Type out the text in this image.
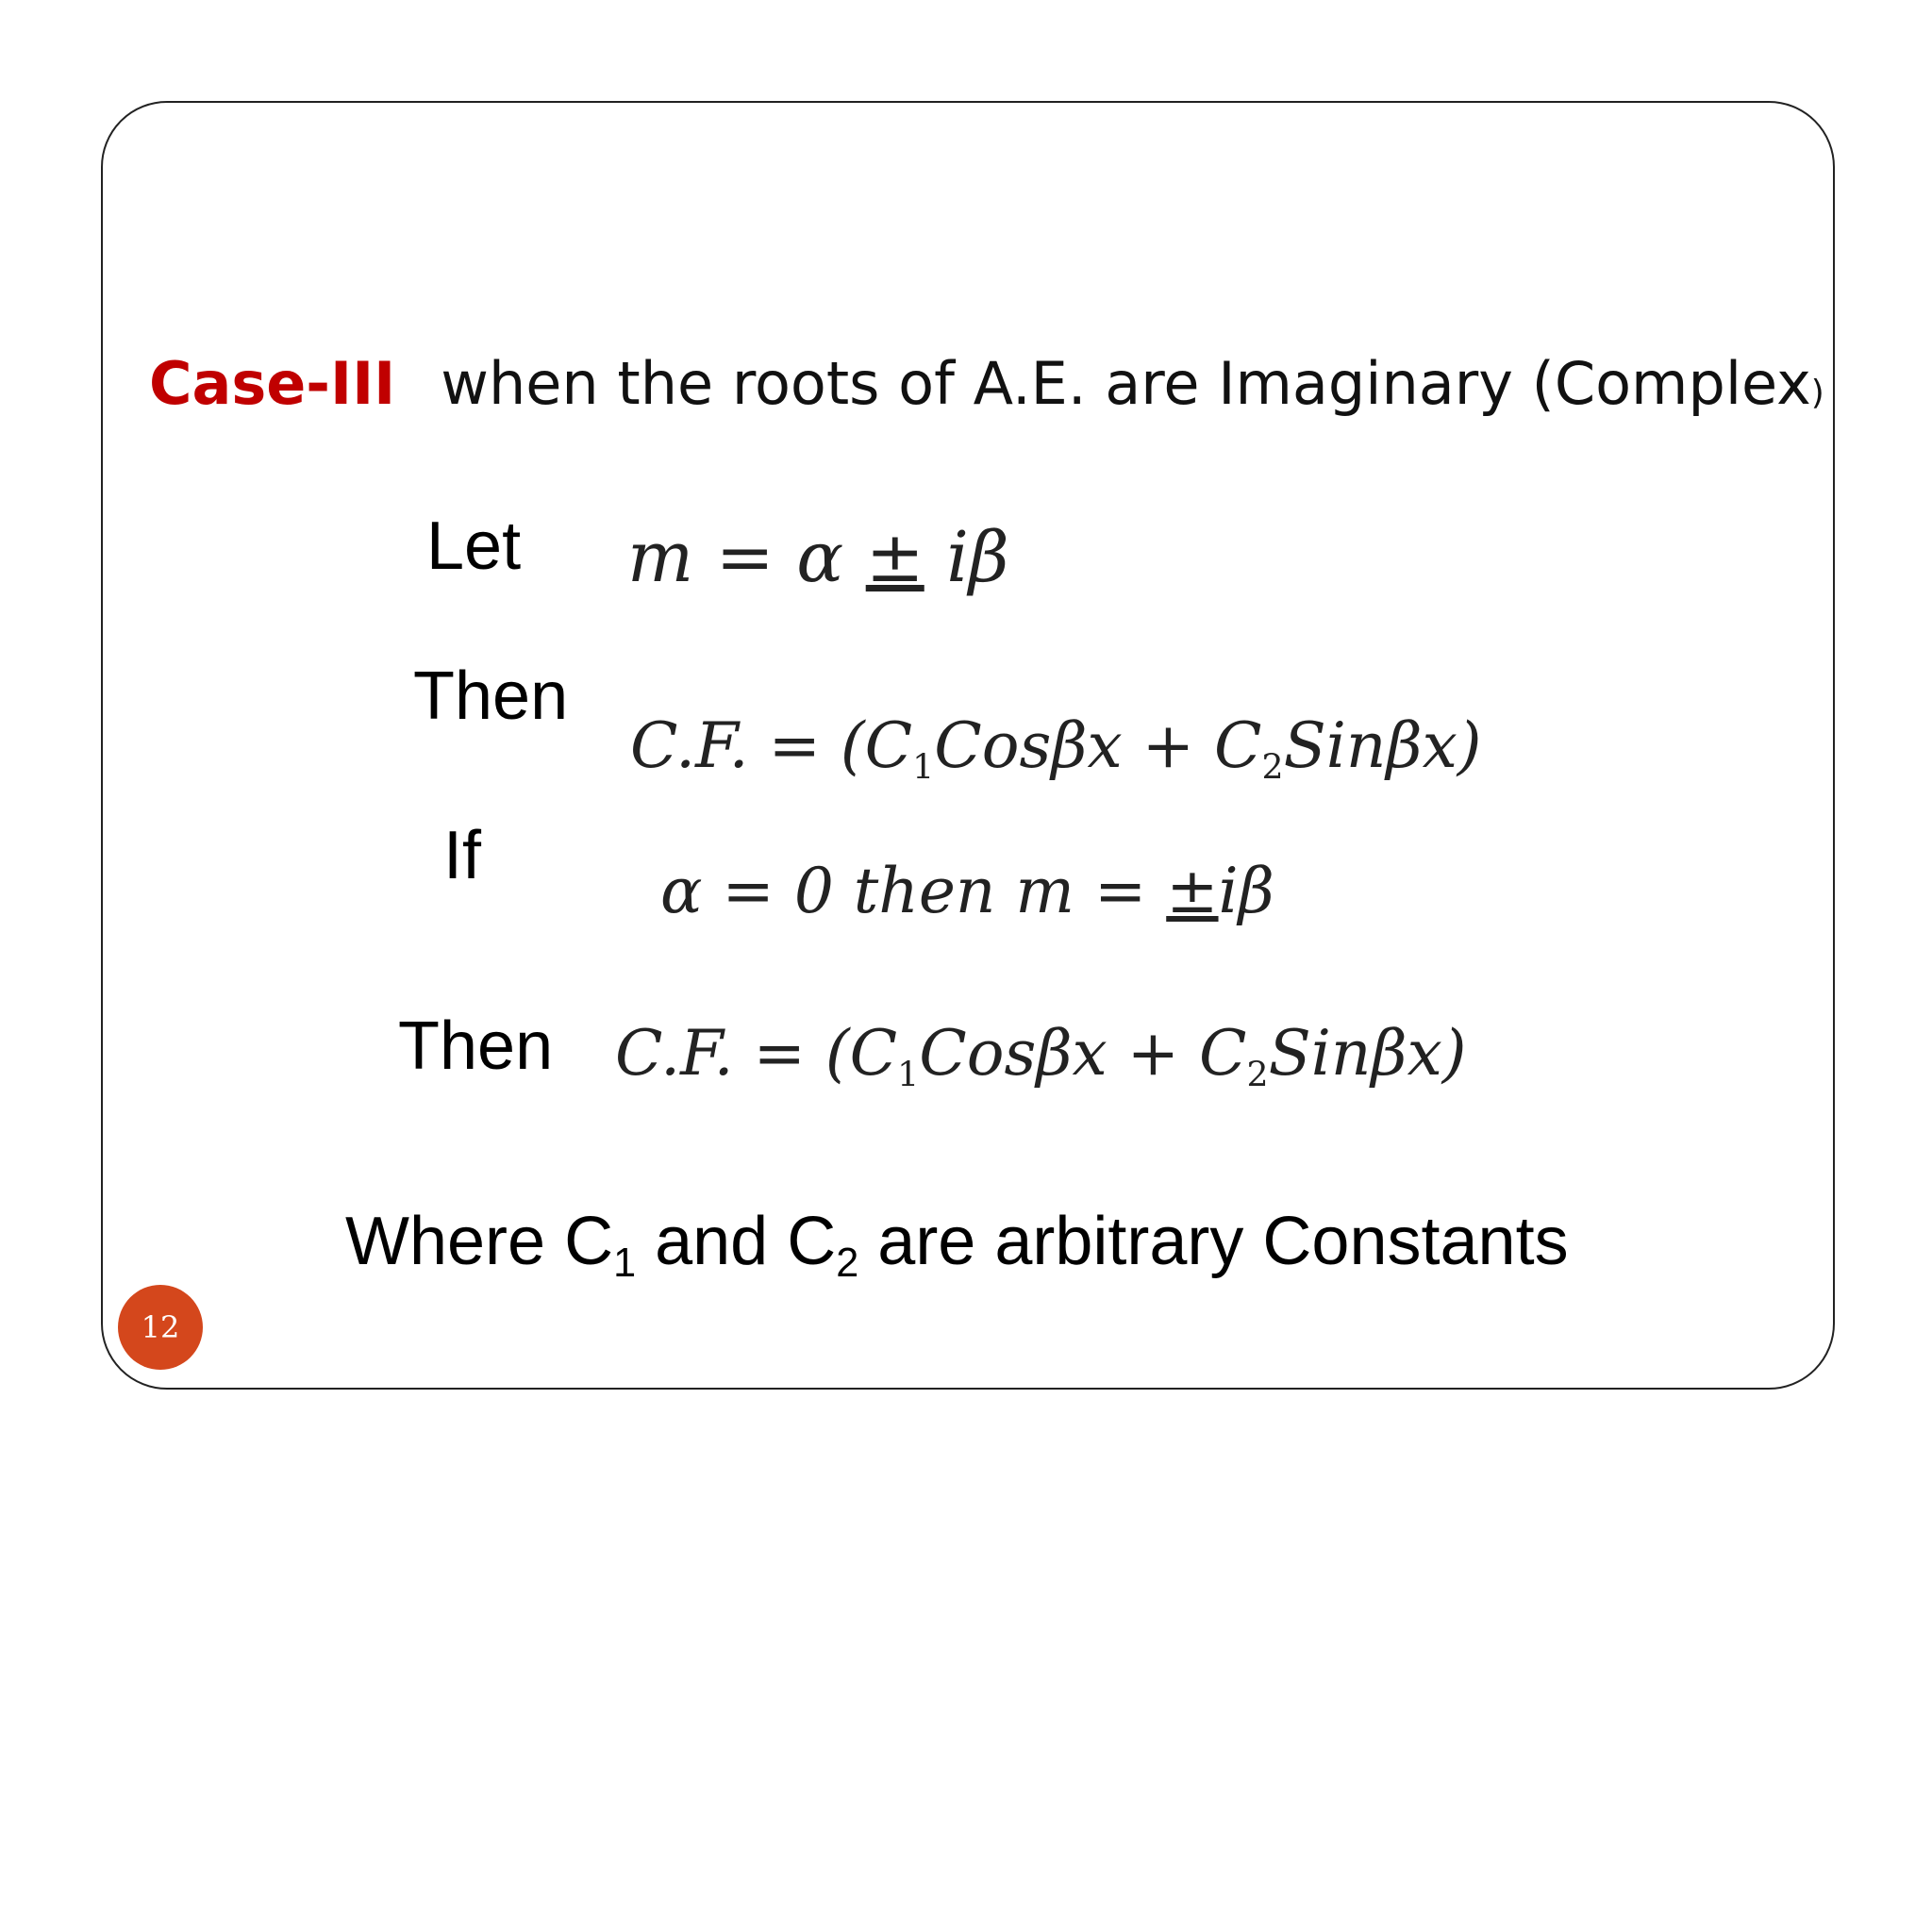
Case-III when the roots of A.E. are Imaginary (Complex)
Let m = α ± iβ
Then
C.F. = $(C_1Cos\beta x + C_2Sin\beta x)$
If	α = 0 then m = ±iβ
Then C.F. = $(C_1Cos\beta x + C_2Sin\beta x)$
Where $C_1$ and $C_2$ are arbitrary Constants
12
